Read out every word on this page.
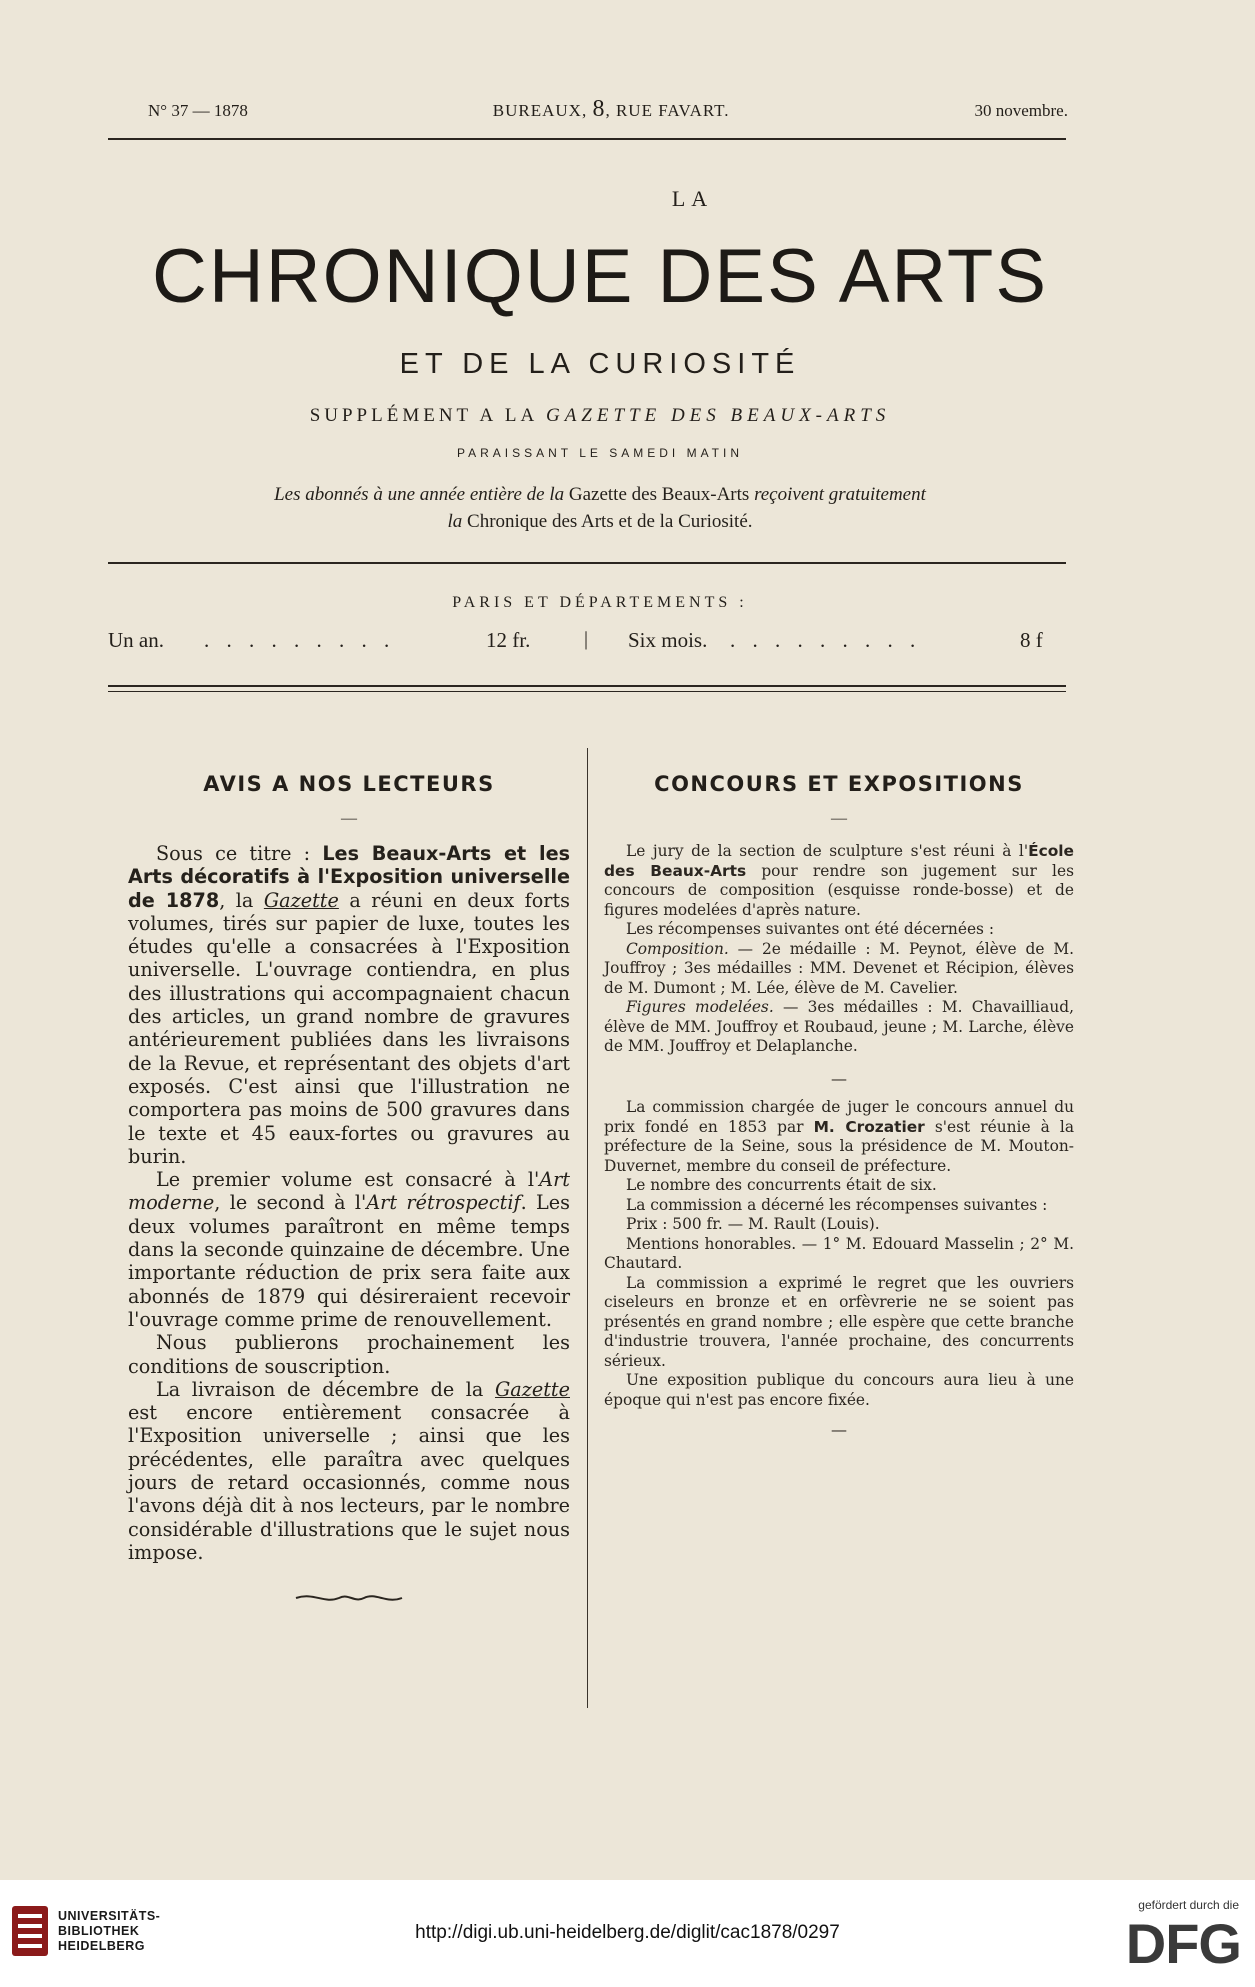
N° 37 — 1878	BUREAUX, 8, RUE FAVART.	30 novembre.
LA
CHRONIQUE DES ARTS
ET DE LA CURIOSITÉ
SUPPLÉMENT A LA GAZETTE DES BEAUX-ARTS
PARAISSANT LE SAMEDI MATIN
Les abonnés à une année entière de la Gazette des Beaux-Arts reçoivent gratuitement
la Chronique des Arts et de la Curiosité.
PARIS ET DÉPARTEMENTS :
Un an. . . . . . . . . .	12 fr.	| Six mois. . . . . . . . . .	8 f
AVIS A NOS LECTEURS
—

Sous ce titre : Les Beaux-Arts et les Arts décoratifs à l'Exposition universelle de 1878, la Gazette a réuni en deux forts volumes, tirés sur papier de luxe, toutes les études qu'elle a consacrées à l'Exposition universelle. L'ouvrage contiendra, en plus des illustrations qui accompagnaient chacun des articles, un grand nombre de gravures antérieurement publiées dans les livraisons de la Revue, et représentant des objets d'art exposés. C'est ainsi que l'illustration ne comportera pas moins de 500 gravures dans le texte et 45 eaux-fortes ou gravures au burin.

Le premier volume est consacré à l'Art moderne, le second à l'Art rétrospectif. Les deux volumes paraîtront en même temps dans la seconde quinzaine de décembre. Une importante réduction de prix sera faite aux abonnés de 1879 qui désireraient recevoir l'ouvrage comme prime de renouvellement.

Nous publierons prochainement les conditions de souscription.

La livraison de décembre de la Gazette est encore entièrement consacrée à l'Exposition universelle ; ainsi que les précédentes, elle paraîtra avec quelques jours de retard occasionnés, comme nous l'avons déjà dit à nos lecteurs, par le nombre considérable d'illustrations que le sujet nous impose.

CONCOURS ET EXPOSITIONS
—

Le jury de la section de sculpture s'est réuni à l'École des Beaux-Arts pour rendre son jugement sur les concours de composition (esquisse ronde-bosse) et de figures modelées d'après nature.

Les récompenses suivantes ont été décernées :

Composition. — 2e médaille : M. Peynot, élève de M. Jouffroy ; 3es médailles : MM. Devenet et Récipion, élèves de M. Dumont ; M. Lée, élève de M. Cavelier.

Figures modelées. — 3es médailles : M. Chavailliaud, élève de MM. Jouffroy et Roubaud, jeune ; M. Larche, élève de MM. Jouffroy et Delaplanche.

—

La commission chargée de juger le concours annuel du prix fondé en 1853 par M. Crozatier s'est réunie à la préfecture de la Seine, sous la présidence de M. Mouton-Duvernet, membre du conseil de préfecture.

Le nombre des concurrents était de six.

La commission a décerné les récompenses suivantes :

Prix : 500 fr. — M. Rault (Louis).

Mentions honorables. — 1° M. Edouard Masselin ; 2° M. Chautard.

La commission a exprimé le regret que les ouvriers ciseleurs en bronze et en orfèvrerie ne se soient pas présentés en grand nombre ; elle espère que cette branche d'industrie trouvera, l'année prochaine, des concurrents sérieux.

Une exposition publique du concours aura lieu à une époque qui n'est pas encore fixée.

—
UNIVERSITÄTS-
BIBLIOTHEK
HEIDELBERG
http://digi.ub.uni-heidelberg.de/diglit/cac1878/0297
gefördert durch die
DFG
